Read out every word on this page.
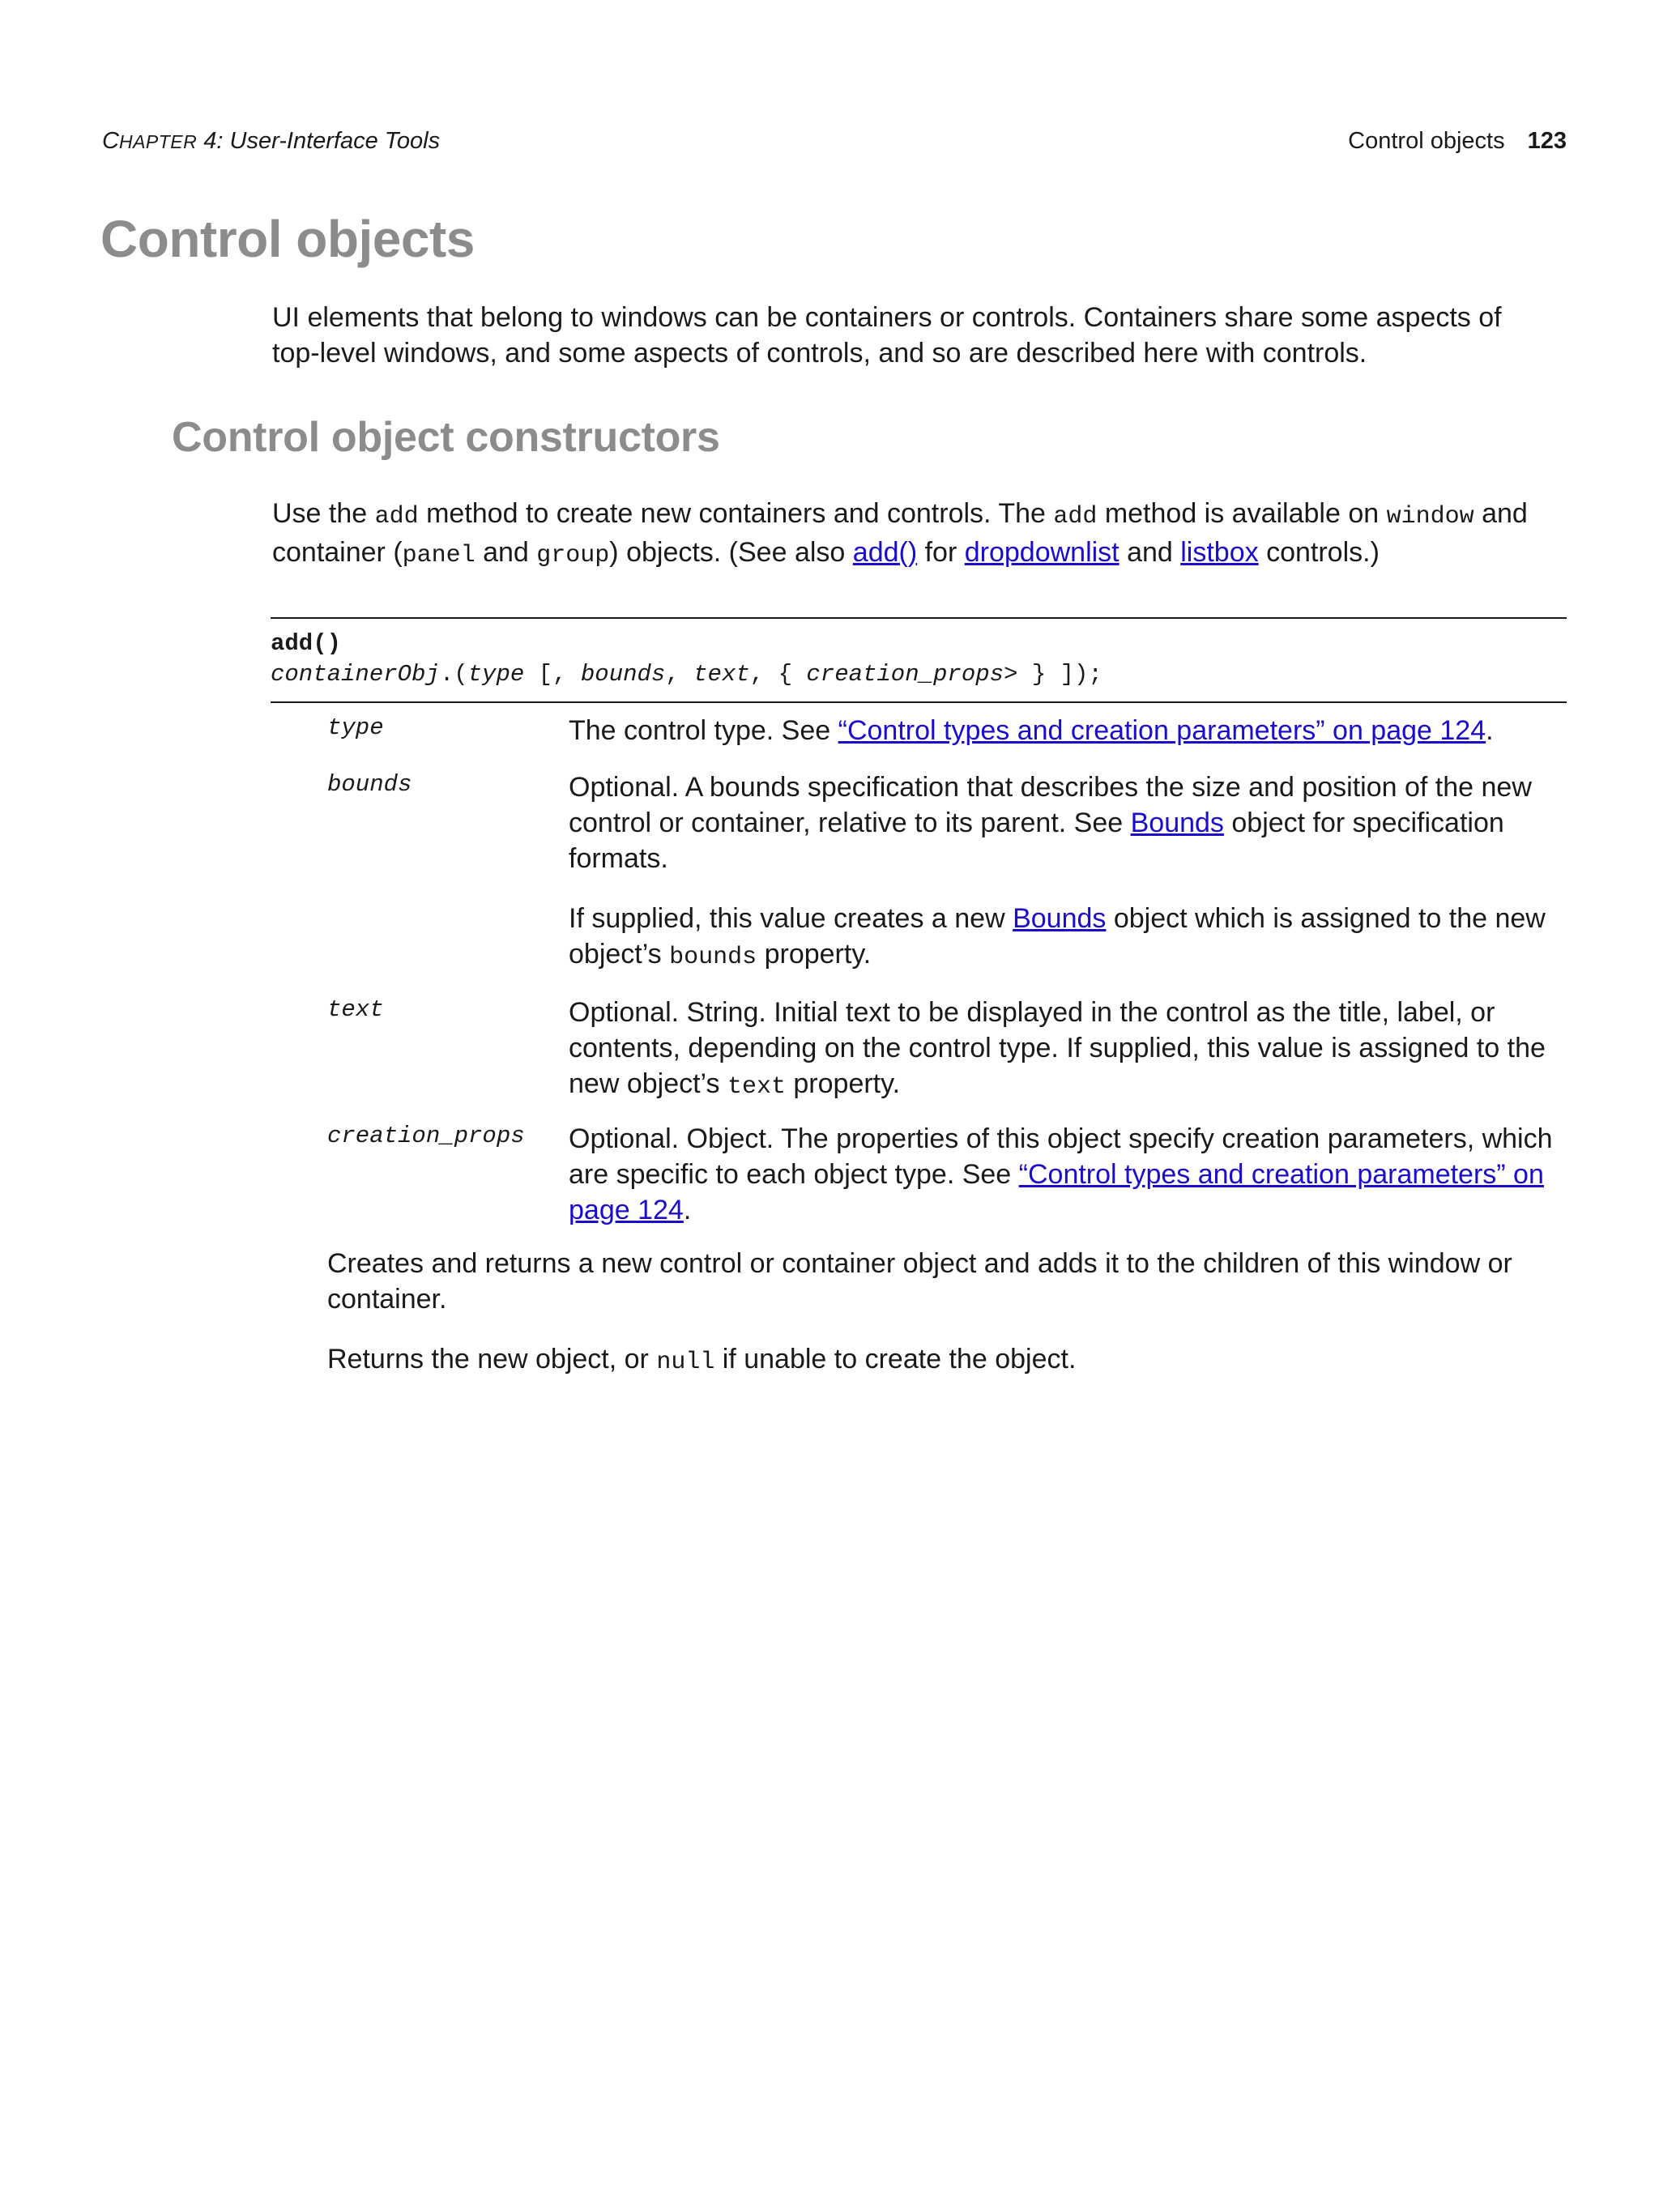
CHAPTER 4: User-Interface Tools	Control objects 123
Control objects
UI elements that belong to windows can be containers or controls. Containers share some aspects of top-level windows, and some aspects of controls, and so are described here with controls.
Control object constructors
Use the add method to create new containers and controls. The add method is available on window and container (panel and group) objects. (See also add() for dropdownlist and listbox controls.)
add()
containerObj.(type [, bounds, text, { creation_props> } ]);
type	The control type. See “Control types and creation parameters” on page 124.
bounds	Optional. A bounds specification that describes the size and position of the new control or container, relative to its parent. See Bounds object for specification formats.

If supplied, this value creates a new Bounds object which is assigned to the new object’s bounds property.

text	Optional. String. Initial text to be displayed in the control as the title, label, or contents, depending on the control type. If supplied, this value is assigned to the new object’s text property.
creation_props Optional. Object. The properties of this object specify creation parameters, which are specific to each object type. See “Control types and creation parameters” on page 124.
Creates and returns a new control or container object and adds it to the children of this window or container.
Returns the new object, or null if unable to create the object.
